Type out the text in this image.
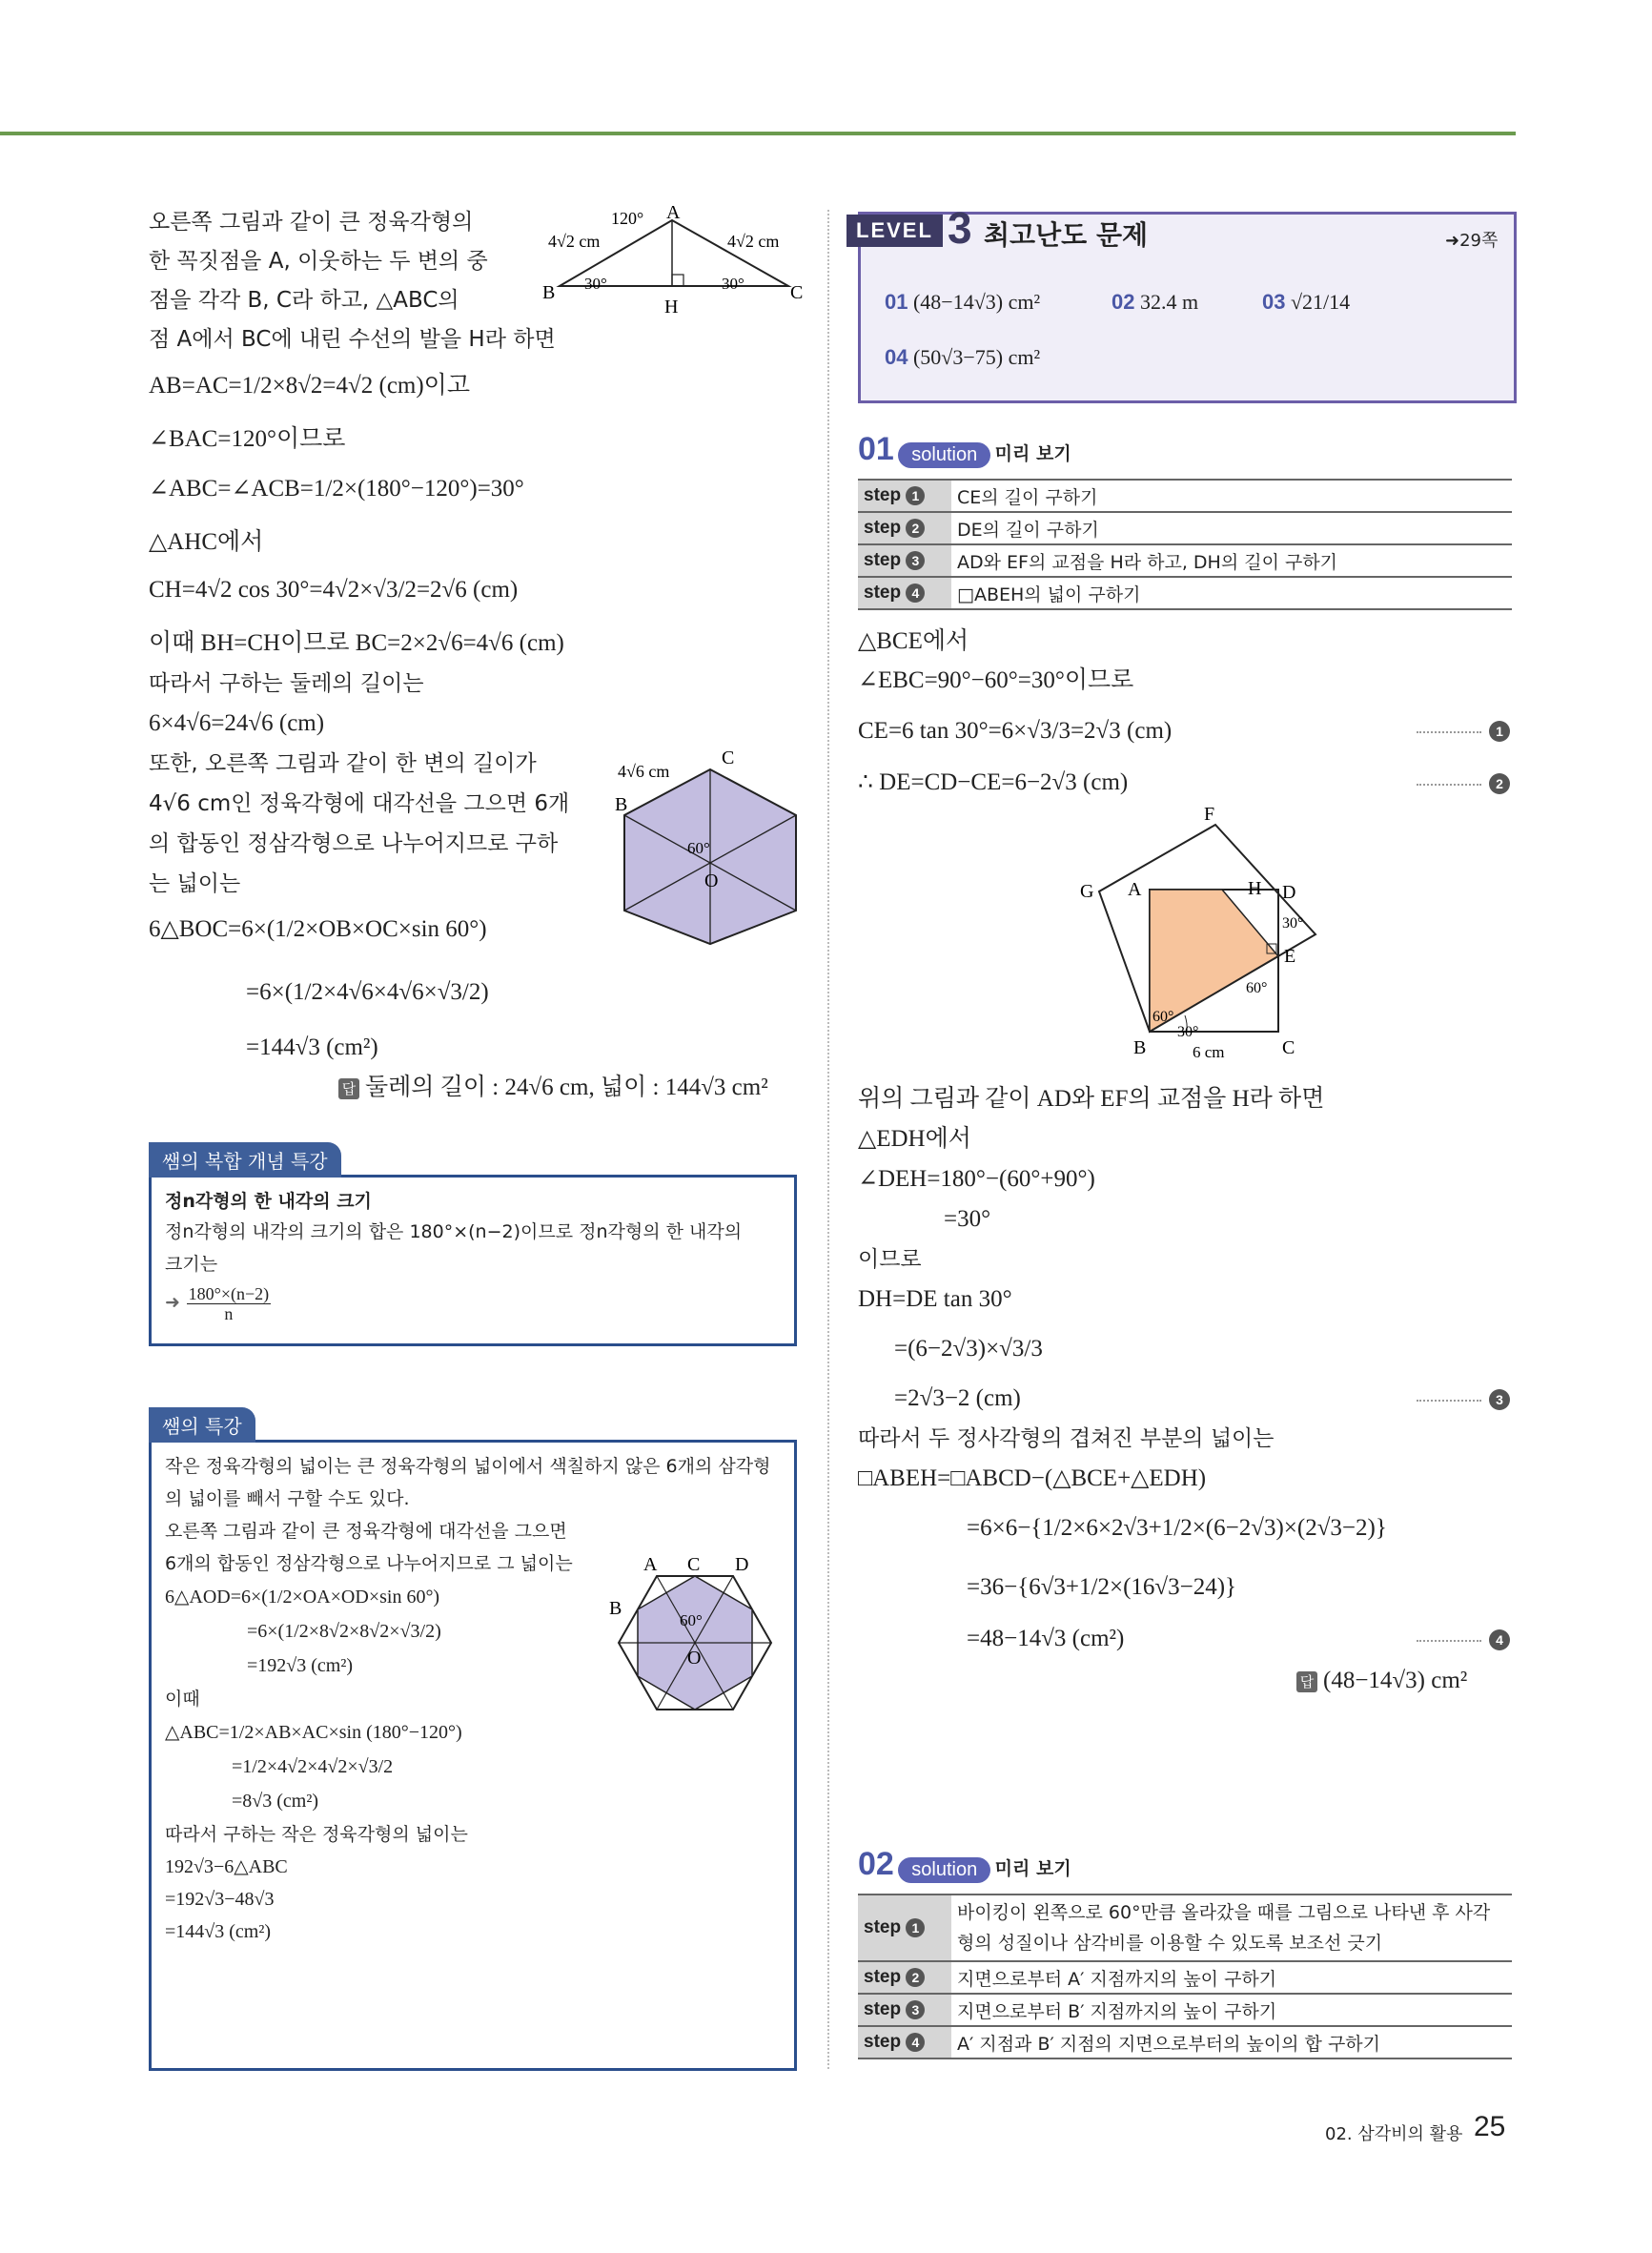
오른쪽 그림과 같이 큰 정육각형의
한 꼭짓점을 A, 이웃하는 두 변의 중
점을 각각 B, C라 하고, △ABC의
점 A에서 BC에 내린 수선의 발을 H라 하면
A
B	C
H
120°
30°	30°
4√2 cm	4√2 cm
AB=AC=1/2×8√2=4√2 (cm)이고
∠BAC=120°이므로
∠ABC=∠ACB=1/2×(180°−120°)=30°
△AHC에서
CH=4√2 cos 30°=4√2×√3/2=2√6 (cm)
이때 BH=CH이므로 BC=2×2√6=4√6 (cm)
따라서 구하는 둘레의 길이는
6×4√6=24√6 (cm)
또한, 오른쪽 그림과 같이 한 변의 길이가
4√6 cm인 정육각형에 대각선을 그으면 6개
의 합동인 정삼각형으로 나누어지므로 구하
는 넓이는
C
B
O
4√6 cm
60°
6△BOC=6×(1/2×OB×OC×sin 60°)
=6×(1/2×4√6×4√6×√3/2)
=144√3 (cm²)
답 둘레의 길이 : 24√6 cm, 넓이 : 144√3 cm²
쌤의 복합 개념 특강
정n각형의 한 내각의 크기
정n각형의 내각의 크기의 합은 180°×(n−2)이므로 정n각형의 한 내각의
크기는
➜ $\frac{180^\circ\times(n-2)}{n}$
쌤의 특강
작은 정육각형의 넓이는 큰 정육각형의 넓이에서 색칠하지 않은 6개의 삼각형
의 넓이를 빼서 구할 수도 있다.
오른쪽 그림과 같이 큰 정육각형에 대각선을 그으면
6개의 합동인 정삼각형으로 나누어지므로 그 넓이는
6△AOD=6×(1/2×OA×OD×sin 60°)
=6×(1/2×8√2×8√2×√3/2)
=192√3 (cm²)
이때
△ABC=1/2×AB×AC×sin (180°−120°)
=1/2×4√2×4√2×√3/2
=8√3 (cm²)
따라서 구하는 작은 정육각형의 넓이는
192√3−6△ABC
=192√3−48√3
=144√3 (cm²)
A C D
B
O
60°
LEVEL 3 최고난도 문제	➜29쪽
01 (48−14√3) cm²	02 32.4 m	03 √21/14
04 (50√3−75) cm²
01 solution 미리 보기
step 1	CE의 길이 구하기
step 2	DE의 길이 구하기
step 3	AD와 EF의 교점을 H라 하고, DH의 길이 구하기
step 4	□ABEH의 넓이 구하기
△BCE에서
∠EBC=90°−60°=30°이므로
CE=6 tan 30°=6×√3/3=2√3 (cm)
∴ DE=CD−CE=6−2√3 (cm)
1
2
F
G A	H D
E
B	C
30°
60°
60°
30°
6 cm
위의 그림과 같이 AD와 EF의 교점을 H라 하면
△EDH에서
∠DEH=180°−(60°+90°)
=30°
이므로
DH=DE tan 30°
=(6−2√3)×√3/3
=2√3−2 (cm)	3
따라서 두 정사각형의 겹쳐진 부분의 넓이는
□ABEH=□ABCD−(△BCE+△EDH)
=6×6−{1/2×6×2√3+1/2×(6−2√3)×(2√3−2)}
=36−{6√3+1/2×(16√3−24)}
=48−14√3 (cm²)	4
답 (48−14√3) cm²
02 solution 미리 보기
step 1	바이킹이 왼쪽으로 60°만큼 올라갔을 때를 그림으로 나타낸 후 사각형의 성질이나 삼각비를 이용할 수 있도록 보조선 긋기
step 2	지면으로부터 A′ 지점까지의 높이 구하기
step 3	지면으로부터 B′ 지점까지의 높이 구하기
step 4	A′ 지점과 B′ 지점의 지면으로부터의 높이의 합 구하기
02. 삼각비의 활용 25
